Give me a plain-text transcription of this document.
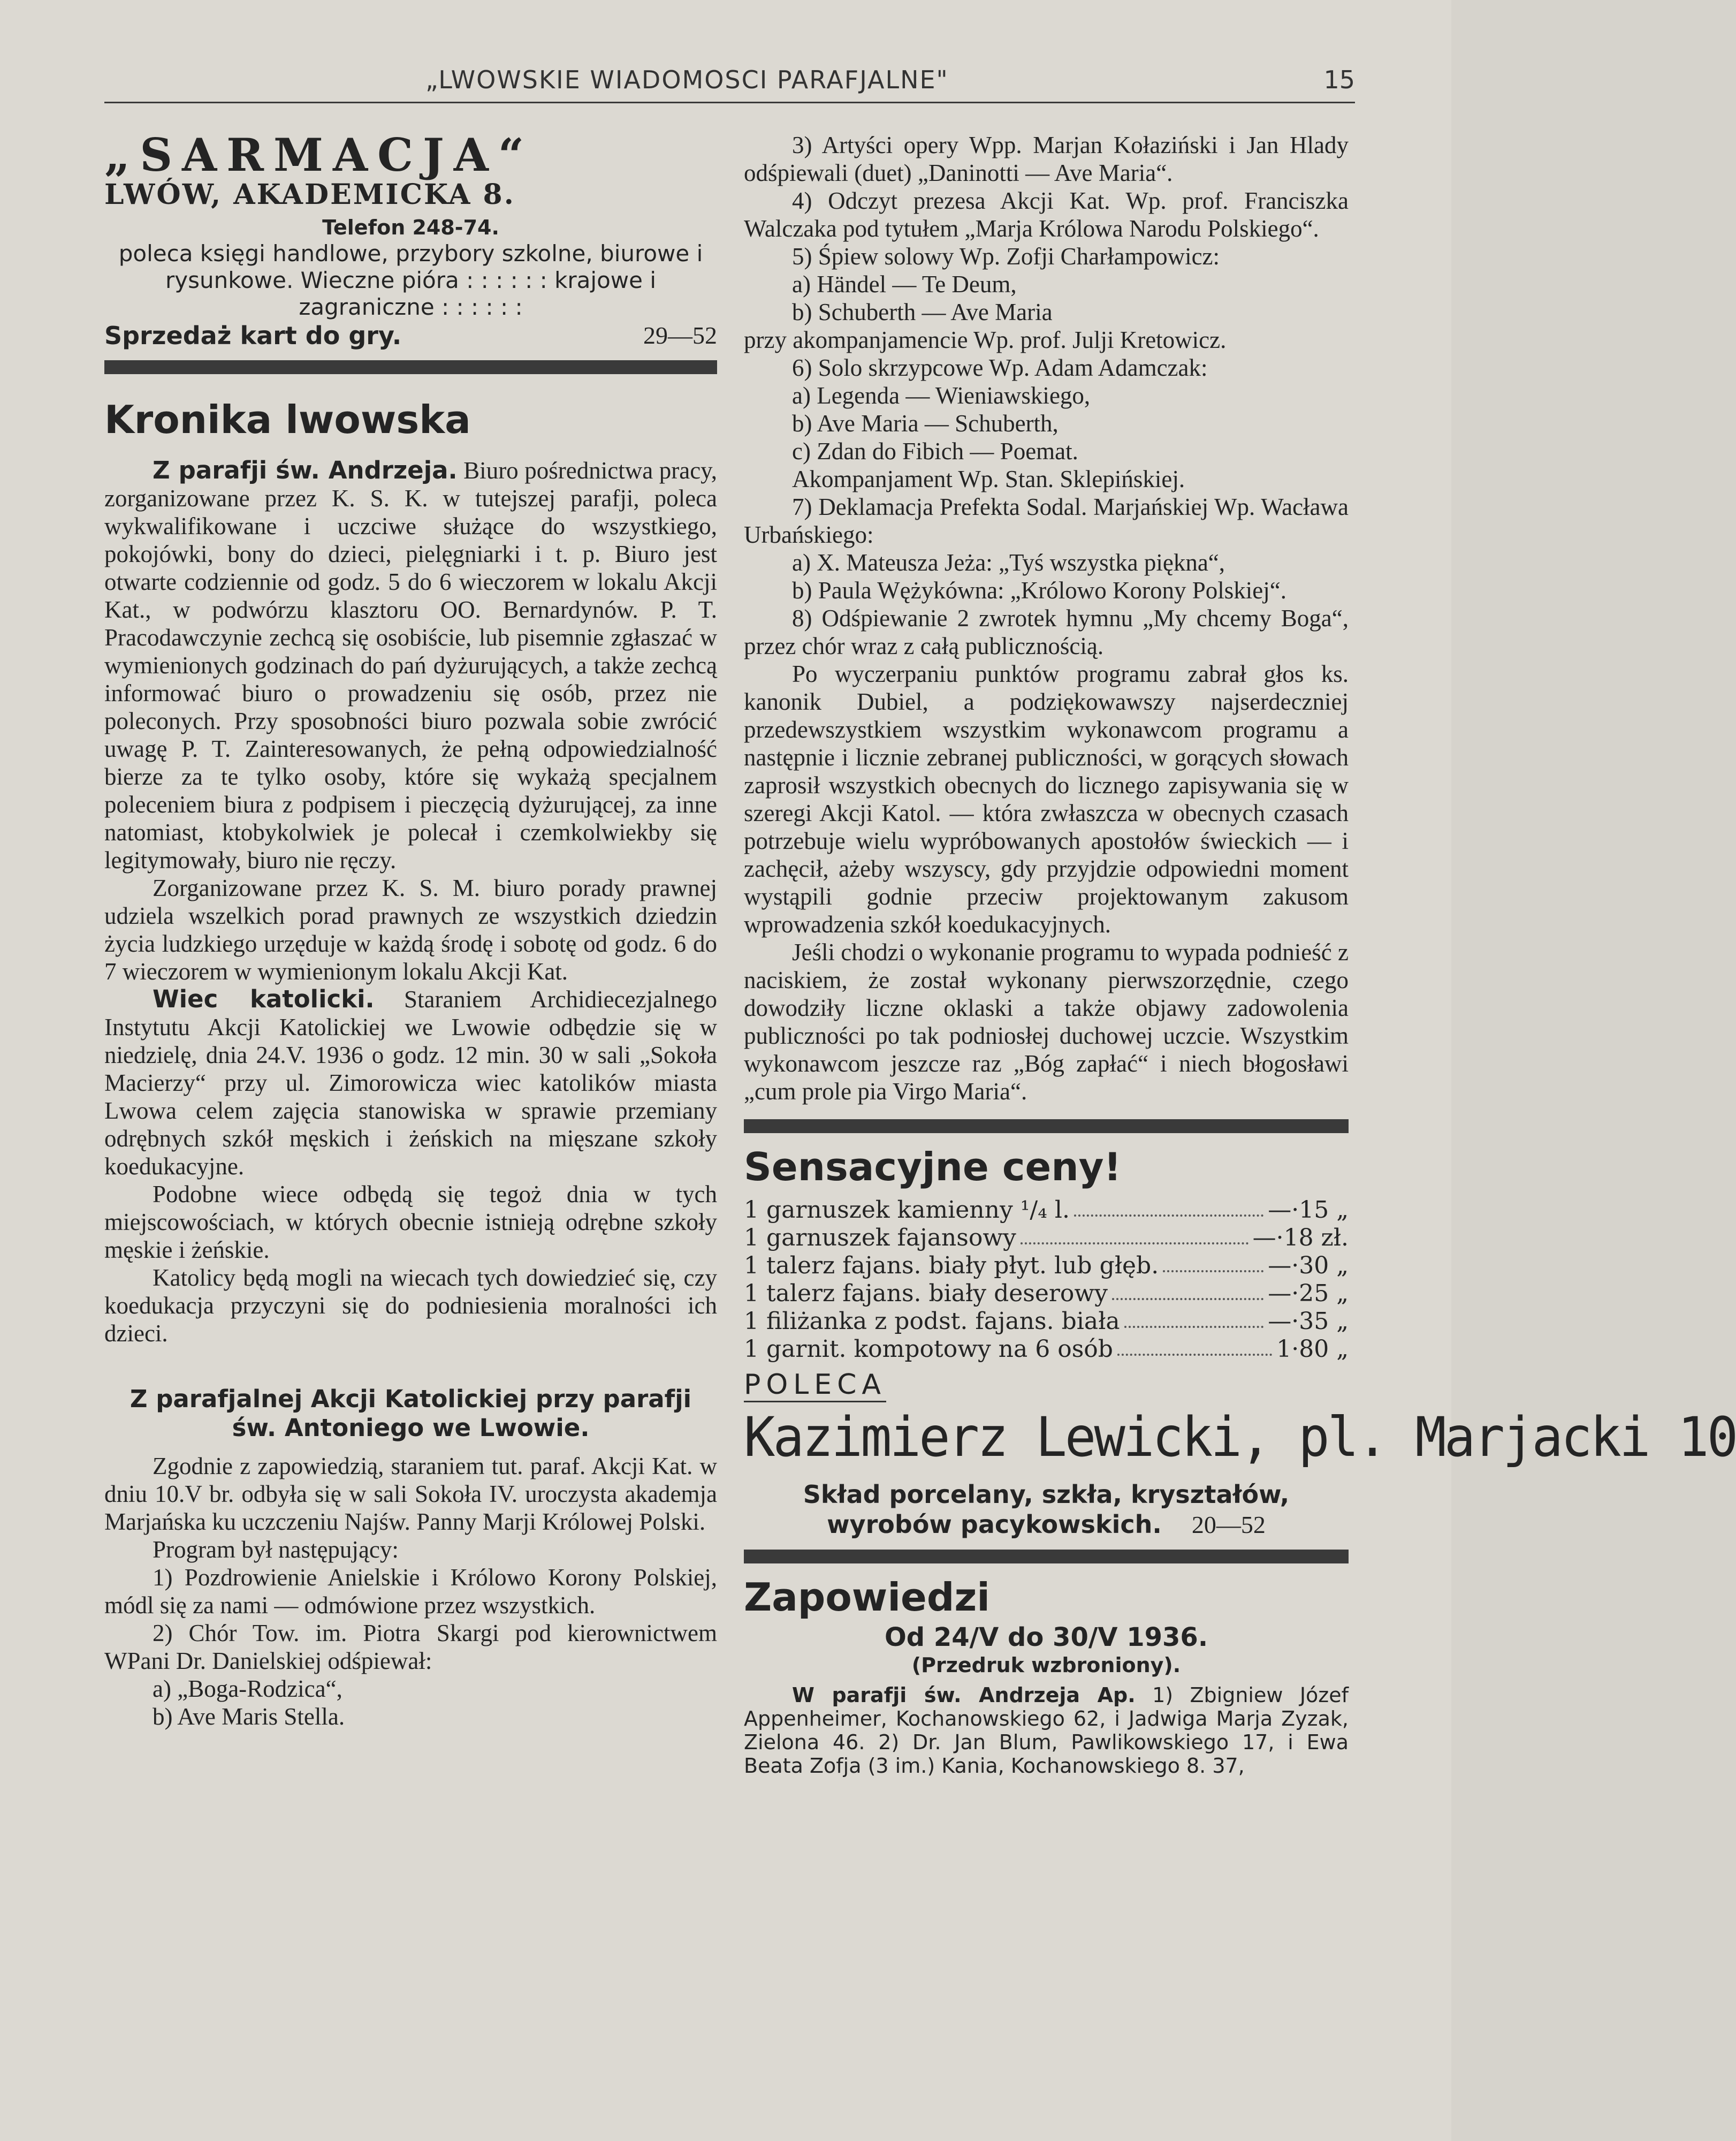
„LWOWSKIE WIADOMOSCI PARAFJALNE"	15
„SARMACJA“
LWÓW, AKADEMICKA 8.
Telefon 248-74.

poleca księgi handlowe, przybory szkolne, biurowe i rysunkowe. Wieczne pióra : : : : : : krajowe i zagraniczne : : : : : :

Sprzedaż kart do gry.	29—52
Kronika lwowska

Z parafji św. Andrzeja. Biuro pośrednictwa pracy, zorganizowane przez K. S. K. w tutejszej parafji, poleca wykwalifikowane i uczciwe służące do wszystkiego, pokojówki, bony do dzieci, pielęgniarki i t. p. Biuro jest otwarte codziennie od godz. 5 do 6 wieczorem w lokalu Akcji Kat., w podwórzu klasztoru OO. Bernardynów. P. T. Pracodawczynie zechcą się osobiście, lub pisemnie zgłaszać w wymienionych godzinach do pań dyżurujących, a także zechcą informować biuro o prowadzeniu się osób, przez nie poleconych. Przy sposobności biuro pozwala sobie zwrócić uwagę P. T. Zainteresowanych, że pełną odpowiedzialność bierze za te tylko osoby, które się wykażą specjalnem poleceniem biura z podpisem i pieczęcią dyżurującej, za inne natomiast, ktobykolwiek je polecał i czemkolwiekby się legitymowały, biuro nie ręczy.

Zorganizowane przez K. S. M. biuro porady prawnej udziela wszelkich porad prawnych ze wszystkich dziedzin życia ludzkiego urzęduje w każdą środę i sobotę od godz. 6 do 7 wieczorem w wymienionym lokalu Akcji Kat.

Wiec katolicki. Staraniem Archidiecezjalnego Instytutu Akcji Katolickiej we Lwowie odbędzie się w niedzielę, dnia 24.V. 1936 o godz. 12 min. 30 w sali „Sokoła Macierzy“ przy ul. Zimorowicza wiec katolików miasta Lwowa celem zajęcia stanowiska w sprawie przemiany odrębnych szkół męskich i żeńskich na mięszane szkoły koedukacyjne.

Podobne wiece odbędą się tegoż dnia w tych miejscowościach, w których obecnie istnieją odrębne szkoły męskie i żeńskie.

Katolicy będą mogli na wiecach tych dowiedzieć się, czy koedukacja przyczyni się do podniesienia moralności ich dzieci.

Z parafjalnej Akcji Katolickiej przy parafji św. Antoniego we Lwowie.

Zgodnie z zapowiedzią, staraniem tut. paraf. Akcji Kat. w dniu 10.V br. odbyła się w sali Sokoła IV. uroczysta akademja Marjańska ku uczczeniu Najśw. Panny Marji Królowej Polski.

Program był następujący:

1) Pozdrowienie Anielskie i Królowo Korony Polskiej, módl się za nami — odmówione przez wszystkich.

2) Chór Tow. im. Piotra Skargi pod kierownictwem WPani Dr. Danielskiej odśpiewał:

a) „Boga-Rodzica“,

b) Ave Maris Stella.

3) Artyści opery Wpp. Marjan Kołaziński i Jan Hlady odśpiewali (duet) „Daninotti — Ave Maria“.

4) Odczyt prezesa Akcji Kat. Wp. prof. Franciszka Walczaka pod tytułem „Marja Królowa Narodu Polskiego“.

5) Śpiew solowy Wp. Zofji Charłampowicz:

a) Händel — Te Deum,

b) Schuberth — Ave Maria

przy akompanjamencie Wp. prof. Julji Kretowicz.

6) Solo skrzypcowe Wp. Adam Adamczak:

a) Legenda — Wieniawskiego,

b) Ave Maria — Schuberth,

c) Zdan do Fibich — Poemat.

Akompanjament Wp. Stan. Sklepińskiej.

7) Deklamacja Prefekta Sodal. Marjańskiej Wp. Wacława Urbańskiego:

a) X. Mateusza Jeża: „Tyś wszystka piękna“,

b) Paula Wężykówna: „Królowo Korony Polskiej“.

8) Odśpiewanie 2 zwrotek hymnu „My chcemy Boga“, przez chór wraz z całą publicznością.

Po wyczerpaniu punktów programu zabrał głos ks. kanonik Dubiel, a podziękowawszy najserdeczniej przedewszystkiem wszystkim wykonawcom programu a następnie i licznie zebranej publiczności, w gorących słowach zaprosił wszystkich obecnych do licznego zapisywania się w szeregi Akcji Katol. — która zwłaszcza w obecnych czasach potrzebuje wielu wypróbowanych apostołów świeckich — i zachęcił, ażeby wszyscy, gdy przyjdzie odpowiedni moment wystąpili godnie przeciw projektowanym zakusom wprowadzenia szkół koedukacyjnych.

Jeśli chodzi o wykonanie programu to wypada podnieść z naciskiem, że został wykonany pierwszorzędnie, czego dowodziły liczne oklaski a także objawy zadowolenia publiczności po tak podniosłej duchowej uczcie. Wszystkim wykonawcom jeszcze raz „Bóg zapłać“ i niech błogosławi „cum prole pia Virgo Maria“.

Sensacyjne ceny!
1 garnuszek kamienny ¹/₄ l.	—·15 „
1 garnuszek fajansowy	—·18 zł.
1 talerz fajans. biały płyt. lub głęb.	—·30 „
1 talerz fajans. biały deserowy	—·25 „
1 filiżanka z podst. fajans. biała	—·35 „
1 garnit. kompotowy na 6 osób	1·80 „
POLECA
Kazimierz Lewicki, pl. Marjacki 10

Skład porcelany, szkła, kryształów, wyrobów pacykowskich. 20—52

Zapowiedzi
Od 24/V do 30/V 1936.
(Przedruk wzbroniony).

W parafji św. Andrzeja Ap. 1) Zbigniew Józef Appenheimer, Kochanowskiego 62, i Jadwiga Marja Zyzak, Zielona 46. 2) Dr. Jan Blum, Pawlikowskiego 17, i Ewa Beata Zofja (3 im.) Kania, Kochanowskiego 8. 37,
